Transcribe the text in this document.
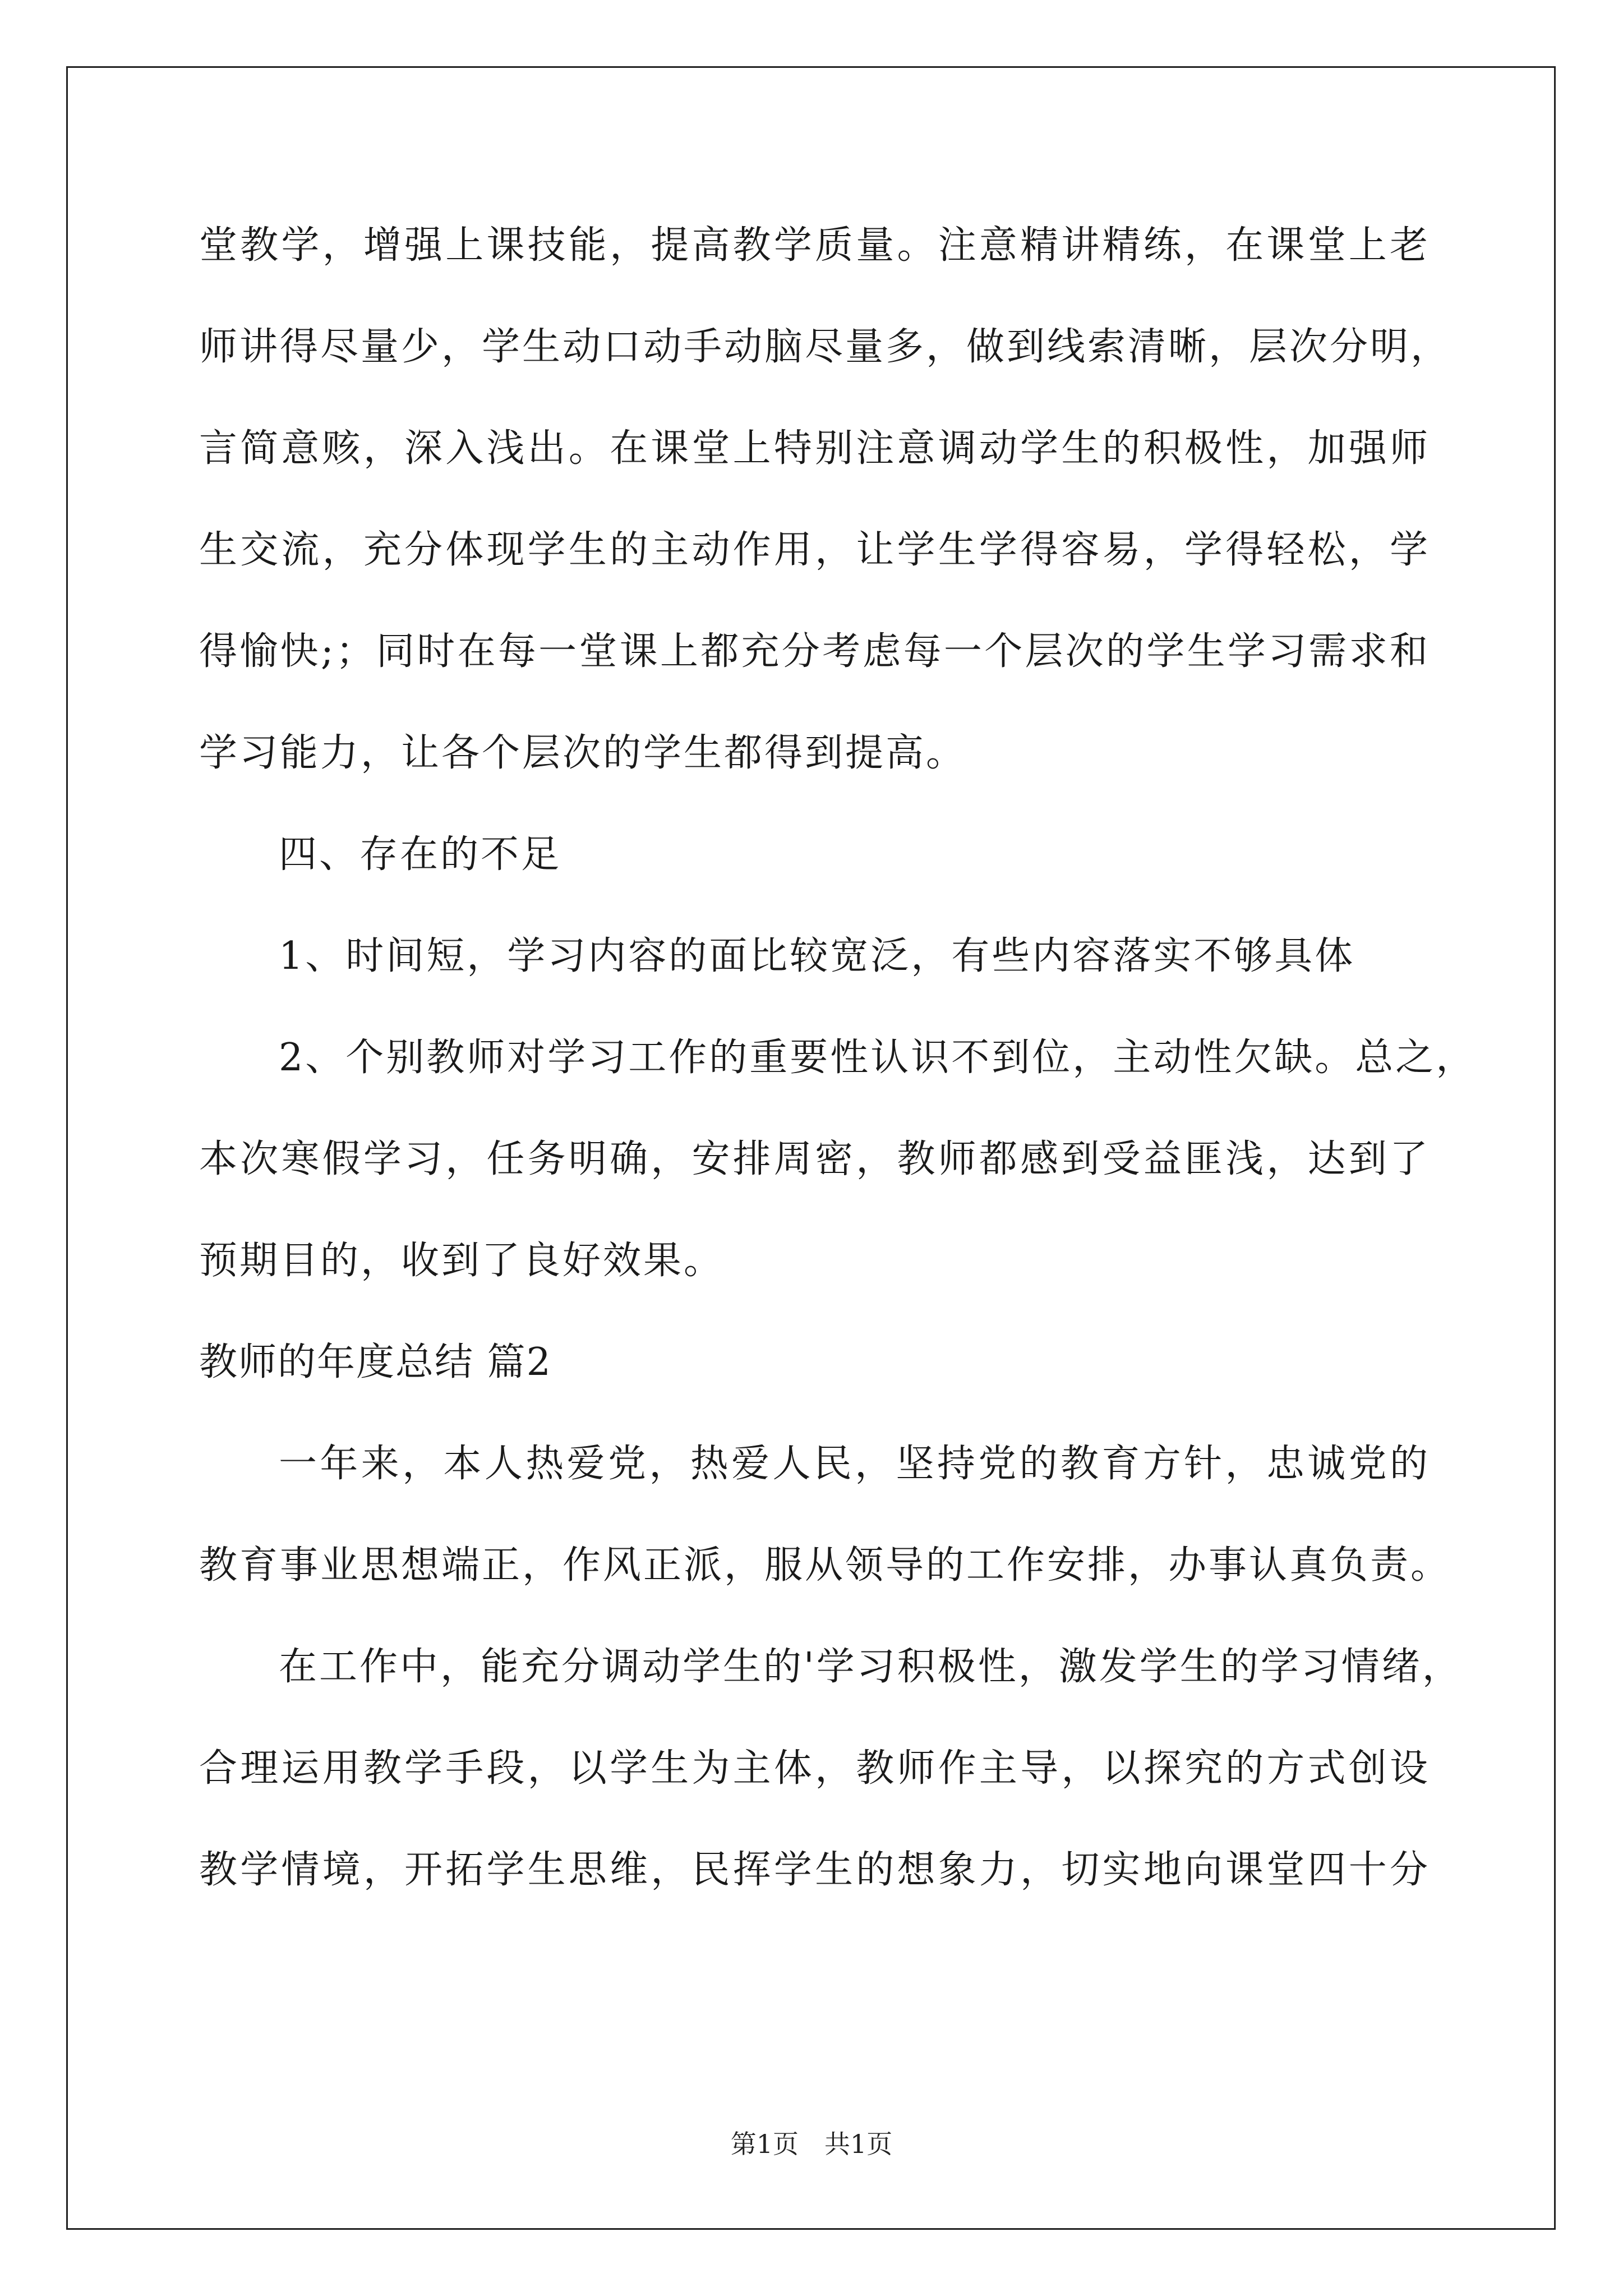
堂教学，增强上课技能，提高教学质量。注意精讲精练，在课堂上老
师讲得尽量少，学生动口动手动脑尽量多，做到线索清晰，层次分明，
言简意赅，深入浅出。在课堂上特别注意调动学生的积极性，加强师
生交流，充分体现学生的主动作用，让学生学得容易，学得轻松，学
得愉快;；同时在每一堂课上都充分考虑每一个层次的学生学习需求和
学习能力，让各个层次的学生都得到提高。
四、存在的不足
1、时间短，学习内容的面比较宽泛，有些内容落实不够具体
2、个别教师对学习工作的重要性认识不到位，主动性欠缺。总之，
本次寒假学习，任务明确，安排周密，教师都感到受益匪浅，达到了
预期目的，收到了良好效果。
教师的年度总结 篇2
一年来，本人热爱党，热爱人民，坚持党的教育方针，忠诚党的
教育事业思想端正，作风正派，服从领导的工作安排，办事认真负责。
在工作中，能充分调动学生的'学习积极性，激发学生的学习情绪，
合理运用教学手段，以学生为主体，教师作主导，以探究的方式创设
教学情境，开拓学生思维，民挥学生的想象力，切实地向课堂四十分
第1页　共1页
